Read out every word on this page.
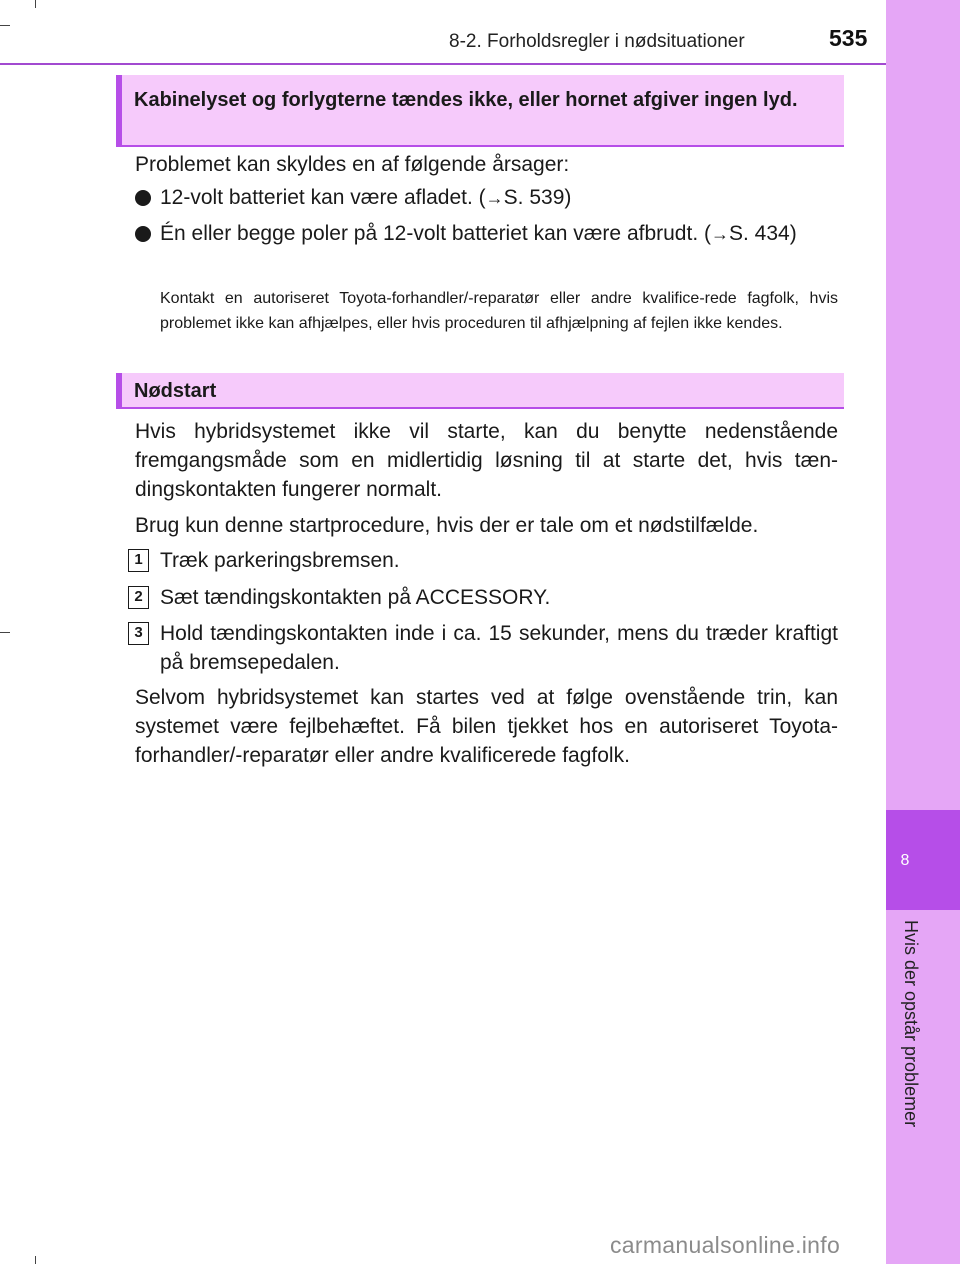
8-2. Forholdsregler i nødsituationer	535
8
Hvis der opstår problemer
Kabinelyset og forlygterne tændes ikke, eller hornet afgiver ingen lyd.
Problemet kan skyldes en af følgende årsager:
12-volt batteriet kan være afladet. (→S. 539)
Én eller begge poler på 12-volt batteriet kan være afbrudt. (→S. 434)
Kontakt en autoriseret Toyota-forhandler/-reparatør eller andre kvalifice-rede fagfolk, hvis problemet ikke kan afhjælpes, eller hvis proceduren til afhjælpning af fejlen ikke kendes.
Nødstart
Hvis hybridsystemet ikke vil starte, kan du benytte nedenstående fremgangsmåde som en midlertidig løsning til at starte det, hvis tæn-dingskontakten fungerer normalt.
Brug kun denne startprocedure, hvis der er tale om et nødstilfælde.
1 Træk parkeringsbremsen.
2 Sæt tændingskontakten på ACCESSORY.
3 Hold tændingskontakten inde i ca. 15 sekunder, mens du træder kraftigt på bremsepedalen.
Selvom hybridsystemet kan startes ved at følge ovenstående trin, kan systemet være fejlbehæftet. Få bilen tjekket hos en autoriseret Toyota-forhandler/-reparatør eller andre kvalificerede fagfolk.
carmanualsonline.info
